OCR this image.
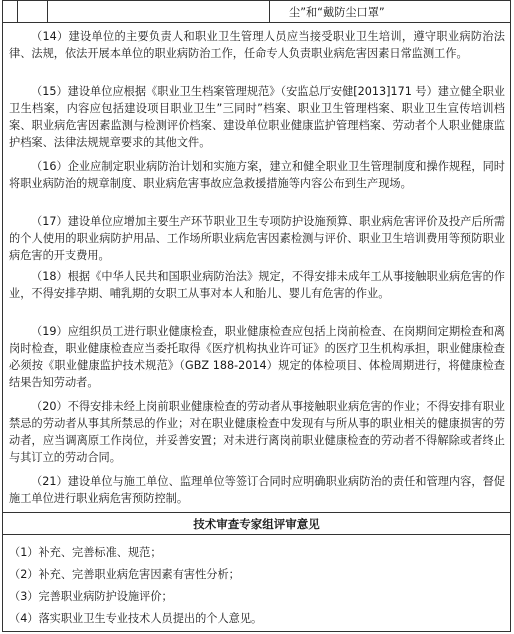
尘”和“戴防尘口罩”

（14）建设单位的主要负责人和职业卫生管理人员应当接受职业卫生培训，遵守职业病防治法律、法规，依法开展本单位的职业病防治工作，任命专人负责职业病危害因素日常监测工作。

（15）建设单位应根据《职业卫生档案管理规范》（安监总厅安健[2013]171 号）建立健全职业卫生档案，内容应包括建设项目职业卫生”三同时”档案、职业卫生管理档案、职业卫生宣传培训档案、职业病危害因素监测与检测评价档案、建设单位职业健康监护管理档案、劳动者个人职业健康监护档案、法律法规规章要求的其他文件。

（16）企业应制定职业病防治计划和实施方案，建立和健全职业卫生管理制度和操作规程，同时将职业病防治的规章制度、职业病危害事故应急救援措施等内容公布到生产现场。

（17）建设单位应增加主要生产环节职业卫生专项防护设施预算、职业病危害评价及投产后所需的个人使用的职业病防护用品、工作场所职业病危害因素检测与评价、职业卫生培训费用等预防职业病危害的开支费用。

（18）根据《中华人民共和国职业病防治法》规定，不得安排未成年工从事接触职业病危害的作业，不得安排孕期、哺乳期的女职工从事对本人和胎儿、婴儿有危害的作业。

（19）应组织员工进行职业健康检查，职业健康检查应包括上岗前检查、在岗期间定期检查和离岗时检查，职业健康检查应当委托取得《医疗机构执业许可证》的医疗卫生机构承担，职业健康检查必须按《职业健康监护技术规范》（GBZ 188-2014）规定的体检项目、体检周期进行，将健康检查结果告知劳动者。

（20）不得安排未经上岗前职业健康检查的劳动者从事接触职业病危害的作业；不得安排有职业禁忌的劳动者从事其所禁忌的作业；对在职业健康检查中发现有与所从事的职业相关的健康损害的劳动者，应当调离原工作岗位，并妥善安置；对未进行离岗前职业健康检查的劳动者不得解除或者终止与其订立的劳动合同。

（21）建设单位与施工单位、监理单位等签订合同时应明确职业病防治的责任和管理内容，督促施工单位进行职业病危害预防控制。

技术审查专家组评审意见

（1）补充、完善标准、规范；

（2）补充、完善职业病危害因素有害性分析；

（3）完善职业病防护设施评价；

（4）落实职业卫生专业技术人员提出的个人意见。
